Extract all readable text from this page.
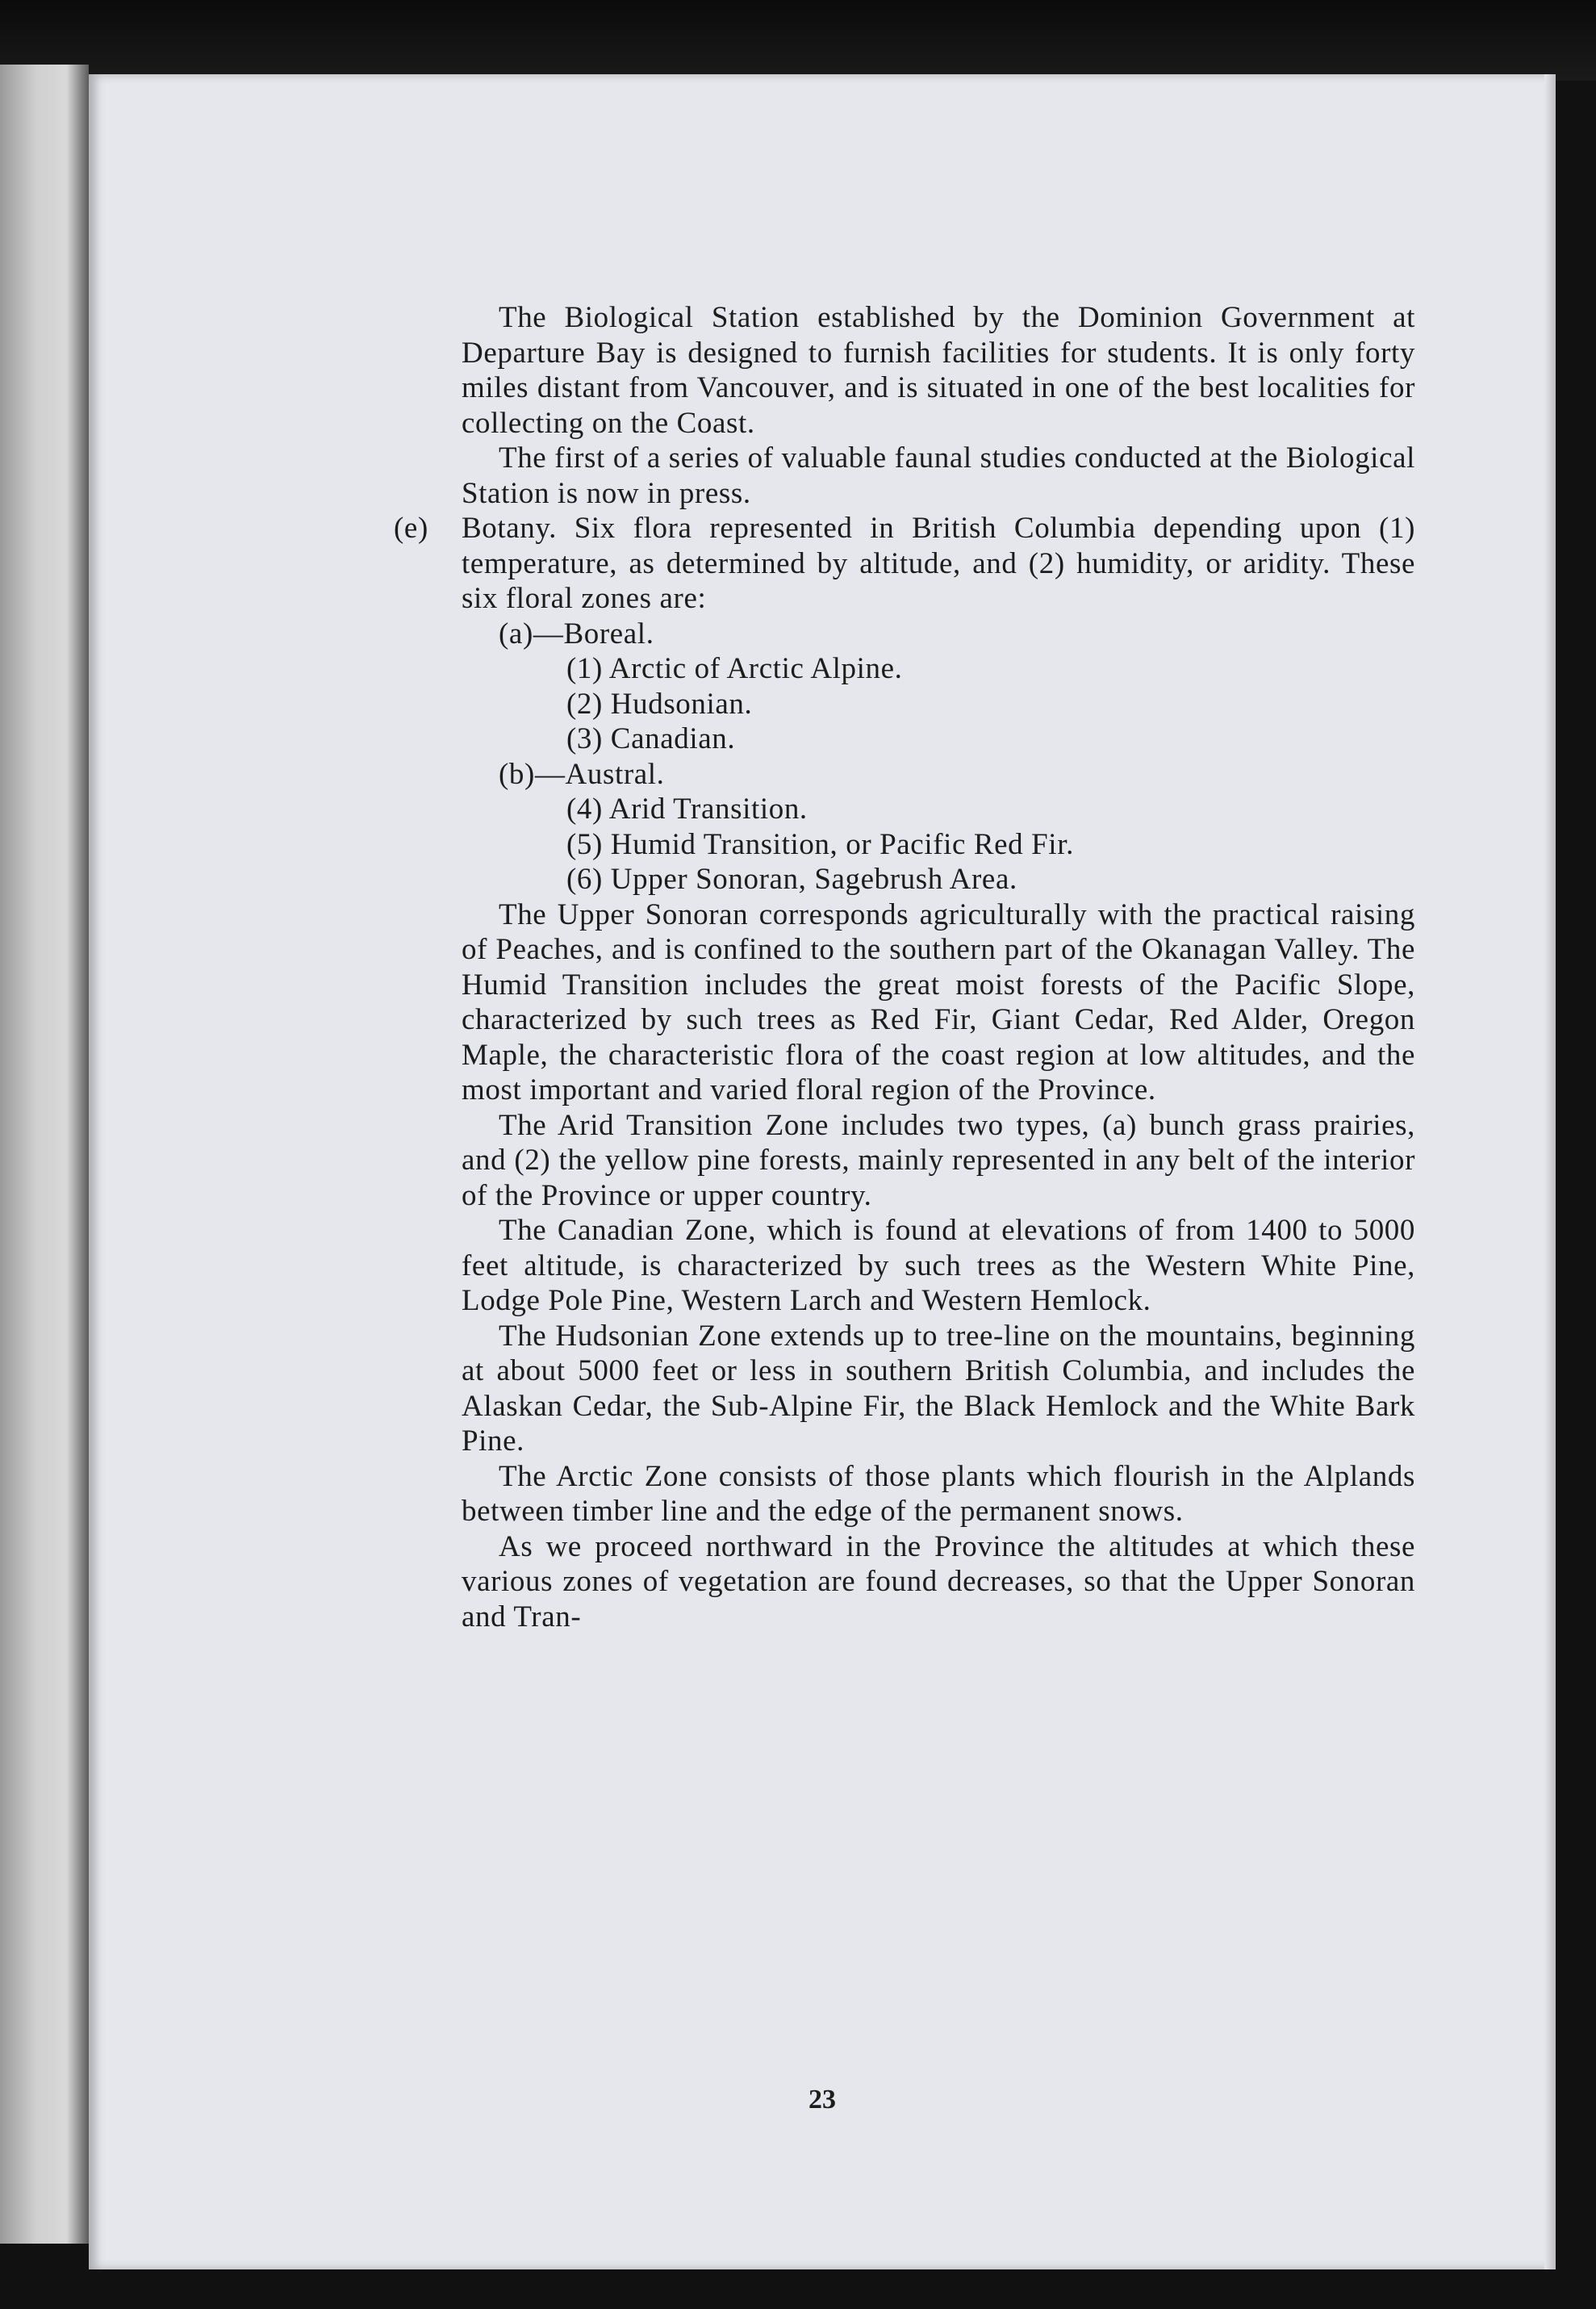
The Biological Station established by the Dominion Government at Departure Bay is designed to furnish facilities for students. It is only forty miles distant from Vancouver, and is situated in one of the best localities for collecting on the Coast.

The first of a series of valuable faunal studies conducted at the Biological Station is now in press.

(e) Botany. Six flora represented in British Columbia depending upon (1) temperature, as determined by altitude, and (2) humidity, or aridity. These six floral zones are:

(a)—Boreal.

(1) Arctic of Arctic Alpine.

(2) Hudsonian.

(3) Canadian.

(b)—Austral.

(4) Arid Transition.

(5) Humid Transition, or Pacific Red Fir.

(6) Upper Sonoran, Sagebrush Area.

The Upper Sonoran corresponds agriculturally with the practical raising of Peaches, and is confined to the southern part of the Okanagan Valley. The Humid Transition includes the great moist forests of the Pacific Slope, characterized by such trees as Red Fir, Giant Cedar, Red Alder, Oregon Maple, the characteristic flora of the coast region at low altitudes, and the most important and varied floral region of the Province.

The Arid Transition Zone includes two types, (a) bunch grass prairies, and (2) the yellow pine forests, mainly represented in any belt of the interior of the Province or upper country.

The Canadian Zone, which is found at elevations of from 1400 to 5000 feet altitude, is characterized by such trees as the Western White Pine, Lodge Pole Pine, Western Larch and Western Hemlock.

The Hudsonian Zone extends up to tree-line on the mountains, beginning at about 5000 feet or less in southern British Columbia, and includes the Alaskan Cedar, the Sub-Alpine Fir, the Black Hemlock and the White Bark Pine.

The Arctic Zone consists of those plants which flourish in the Alplands between timber line and the edge of the permanent snows.

As we proceed northward in the Province the altitudes at which these various zones of vegetation are found decreases, so that the Upper Sonoran and Tran-

23
